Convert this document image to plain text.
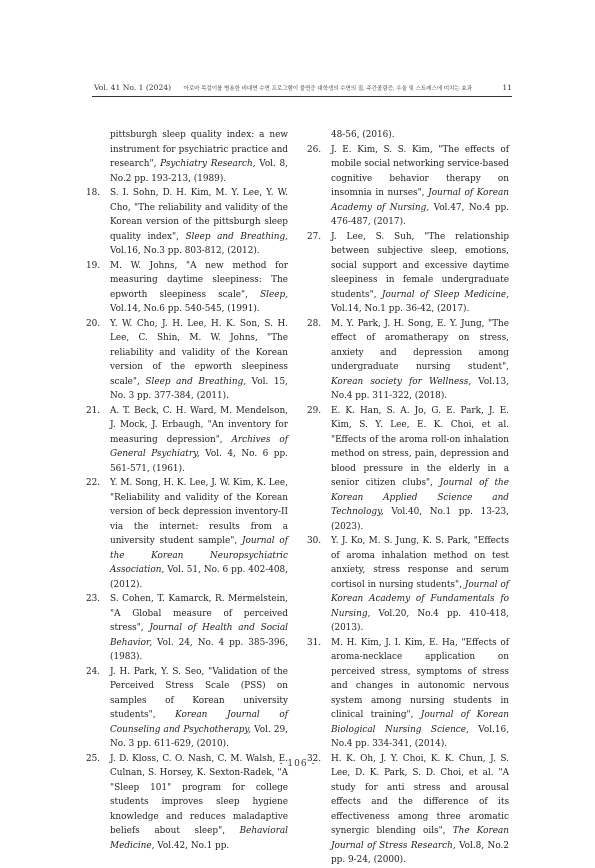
Vol. 41 No. 1 (2024) 아로마 목걸이를 병용한 비대면 수면 프로그램이 불면증 대학생의 수면의 질, 주간졸림증, 우울 및 스트레스에 미치는 효과	11

pittsburgh sleep quality index: a new instrument for psychiatric practice and research", Psychiatry Research, Vol. 8, No.2 pp. 193-213, (1989).

18. S. I. Sohn, D. H. Kim, M. Y. Lee, Y. W. Cho, "The reliability and validity of the Korean version of the pittsburgh sleep quality index", Sleep and Breathing, Vol.16, No.3 pp. 803-812, (2012).

19. M. W. Johns, "A new method for measuring daytime sleepiness: The epworth sleepiness scale", Sleep, Vol.14, No.6 pp. 540-545, (1991).

20. Y. W. Cho, J. H. Lee, H. K. Son, S. H. Lee, C. Shin, M. W. Johns, "The reliability and validity of the Korean version of the epworth sleepiness scale", Sleep and Breathing, Vol. 15, No. 3 pp. 377-384, (2011).

21. A. T. Beck, C. H. Ward, M. Mendelson, J. Mock, J. Erbaugh, "An inventory for measuring depression", Archives of General Psychiatry, Vol. 4, No. 6 pp. 561-571, (1961).

22. Y. M. Song, H. K. Lee, J. W. Kim, K. Lee, "Reliability and validity of the Korean version of beck depression inventory-II via the internet: results from a university student sample", Journal of the Korean Neuropsychiatric Association, Vol. 51, No. 6 pp. 402-408, (2012).

23. S. Cohen, T. Kamarck, R. Mermelstein, "A Global measure of perceived stress", Journal of Health and Social Behavior, Vol. 24, No. 4 pp. 385-396, (1983).

24. J. H. Park, Y. S. Seo, "Validation of the Perceived Stress Scale (PSS) on samples of Korean university students", Korean Journal of Counseling and Psychotherapy, Vol. 29, No. 3 pp. 611-629, (2010).

25. J. D. Kloss, C. O. Nash, C. M. Walsh, E. Culnan, S. Horsey, K. Sexton-Radek, "A "Sleep 101" program for college students improves sleep hygiene knowledge and reduces maladaptive beliefs about sleep", Behavioral Medicine, Vol.42, No.1 pp.

48-56, (2016).

26. J. E. Kim, S. S. Kim, "The effects of mobile social networking service-based cognitive behavior therapy on insomnia in nurses", Journal of Korean Academy of Nursing, Vol.47, No.4 pp. 476-487, (2017).

27. J. Lee, S. Suh, "The relationship between subjective sleep, emotions, social support and excessive daytime sleepiness in female undergraduate students", Journal of Sleep Medicine, Vol.14, No.1 pp. 36-42, (2017).

28. M. Y. Park, J. H. Song, E. Y. Jung, "The effect of aromatherapy on stress, anxiety and depression among undergraduate nursing student", Korean society for Wellness, Vol.13, No.4 pp. 311-322, (2018).

29. E. K. Han, S. A. Jo, G. E. Park, J. E. Kim, S. Y. Lee, E. K. Choi, et al. "Effects of the aroma roll-on inhalation method on stress, pain, depression and blood pressure in the elderly in a senior citizen clubs", Journal of the Korean Applied Science and Technology, Vol.40, No.1 pp. 13-23, (2023).

30. Y. J. Ko, M. S. Jung, K. S. Park, "Effects of aroma inhalation method on test anxiety, stress response and serum cortisol in nursing students", Journal of Korean Academy of Fundamentals fo Nursing, Vol.20, No.4 pp. 410-418, (2013).

31. M. H. Kim, J. I. Kim, E. Ha, "Effects of aroma-necklace application on perceived stress, symptoms of stress and changes in autonomic nervous system among nursing students in clinical training", Journal of Korean Biological Nursing Science, Vol.16, No.4 pp. 334-341, (2014).

32. H. K. Oh, J. Y. Choi, K. K. Chun, J. S. Lee, D. K. Park, S. D. Choi, et al. "A study for anti stress and arousal effects and the difference of its effectiveness among three aromatic synergic blending oils", The Korean Journal of Stress Research, Vol.8, No.2 pp. 9-24, (2000).

- 106 -
